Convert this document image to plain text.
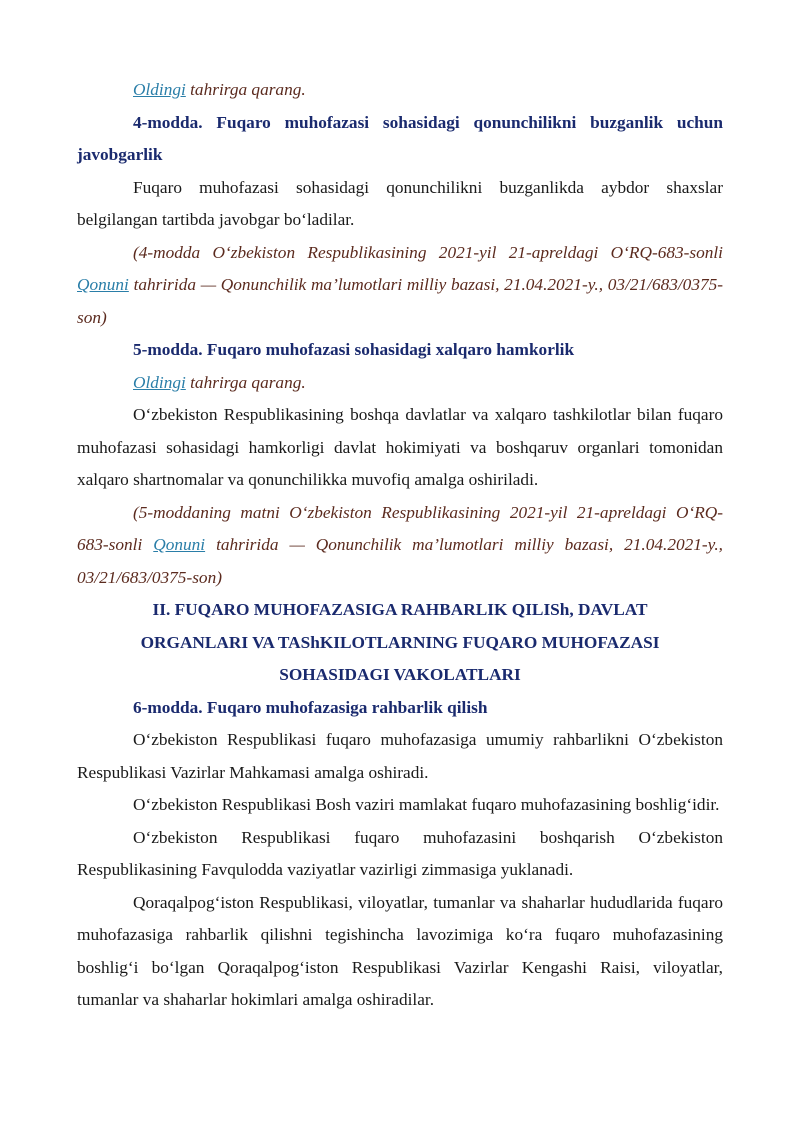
Oldingi tahrirga qarang.

4-modda. Fuqaro muhofazasi sohasidagi qonunchilikni buzganlik uchun javobgarlik

Fuqaro muhofazasi sohasidagi qonunchilikni buzganlikda aybdor shaxslar belgilangan tartibda javobgar bo‘ladilar.

(4-modda O‘zbekiston Respublikasining 2021-yil 21-apreldagi O‘RQ-683-sonli Qonuni tahririda — Qonunchilik ma’lumotlari milliy bazasi, 21.04.2021-y., 03/21/683/0375-son)

5-modda. Fuqaro muhofazasi sohasidagi xalqaro hamkorlik

Oldingi tahrirga qarang.

O‘zbekiston Respublikasining boshqa davlatlar va xalqaro tashkilotlar bilan fuqaro muhofazasi sohasidagi hamkorligi davlat hokimiyati va boshqaruv organlari tomonidan xalqaro shartnomalar va qonunchilikka muvofiq amalga oshiriladi.

(5-moddaning matni O‘zbekiston Respublikasining 2021-yil 21-apreldagi O‘RQ-683-sonli Qonuni tahririda — Qonunchilik ma’lumotlari milliy bazasi, 21.04.2021-y., 03/21/683/0375-son)

II. FUQARO MUHOFAZASIGA RAHBARLIK QILISh, DAVLAT ORGANLARI VA TAShKILOTLARNING FUQARO MUHOFAZASI SOHASIDAGI VAKOLATLARI

6-modda. Fuqaro muhofazasiga rahbarlik qilish

O‘zbekiston Respublikasi fuqaro muhofazasiga umumiy rahbarlikni O‘zbekiston Respublikasi Vazirlar Mahkamasi amalga oshiradi.

O‘zbekiston Respublikasi Bosh vaziri mamlakat fuqaro muhofazasining boshlig‘idir.

O‘zbekiston Respublikasi fuqaro muhofazasini boshqarish O‘zbekiston Respublikasining Favqulodda vaziyatlar vazirligi zimmasiga yuklanadi.

Qoraqalpog‘iston Respublikasi, viloyatlar, tumanlar va shaharlar hududlarida fuqaro muhofazasiga rahbarlik qilishni tegishincha lavozimiga ko‘ra fuqaro muhofazasining boshlig‘i bo‘lgan Qoraqalpog‘iston Respublikasi Vazirlar Kengashi Raisi, viloyatlar, tumanlar va shaharlar hokimlari amalga oshiradilar.
